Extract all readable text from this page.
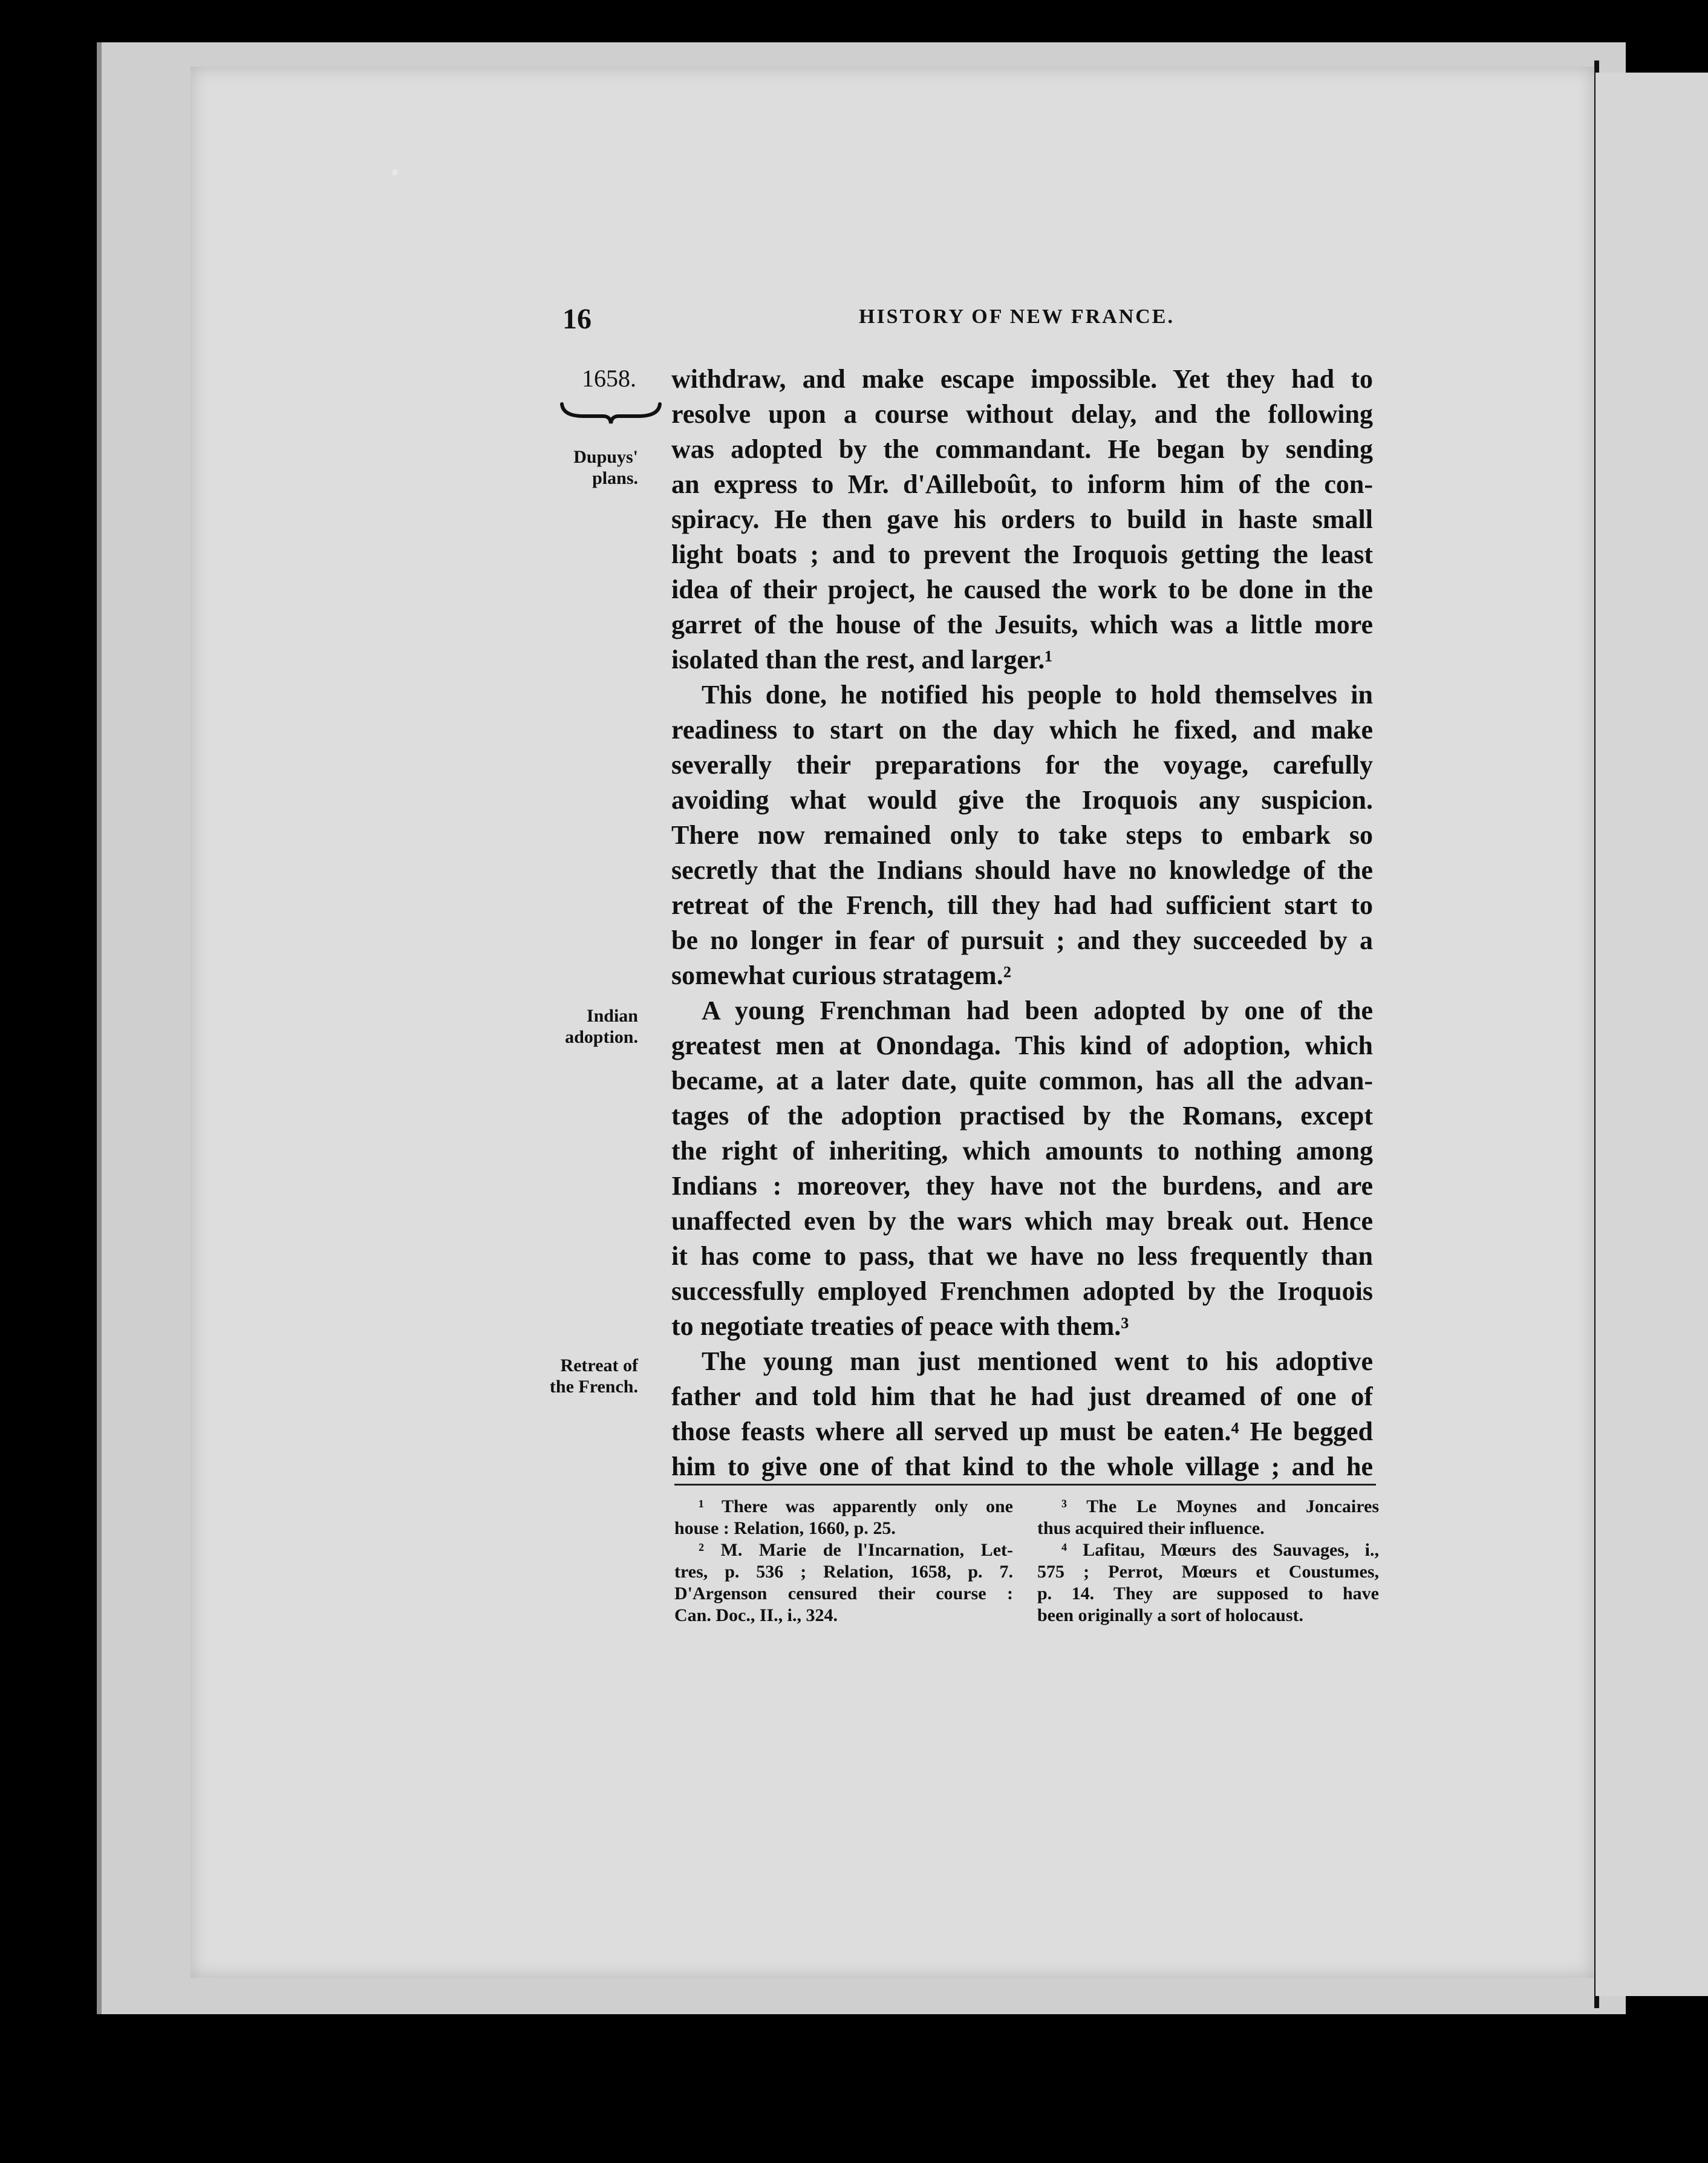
16	HISTORY OF NEW FRANCE.
1658.
Dupuys'
plans.
Indian
adoption.
Retreat of
the French.
withdraw, and make escape impossible. Yet they had to
resolve upon a course without delay, and the following
was adopted by the commandant. He began by sending
an express to Mr. d'Ailleboût, to inform him of the con-
spiracy. He then gave his orders to build in haste small
light boats ; and to prevent the Iroquois getting the least
idea of their project, he caused the work to be done in the
garret of the house of the Jesuits, which was a little more
isolated than the rest, and larger.¹
This done, he notified his people to hold themselves in
readiness to start on the day which he fixed, and make
severally their preparations for the voyage, carefully
avoiding what would give the Iroquois any suspicion.
There now remained only to take steps to embark so
secretly that the Indians should have no knowledge of the
retreat of the French, till they had had sufficient start to
be no longer in fear of pursuit ; and they succeeded by a
somewhat curious stratagem.²
A young Frenchman had been adopted by one of the
greatest men at Onondaga. This kind of adoption, which
became, at a later date, quite common, has all the advan-
tages of the adoption practised by the Romans, except
the right of inheriting, which amounts to nothing among
Indians : moreover, they have not the burdens, and are
unaffected even by the wars which may break out. Hence
it has come to pass, that we have no less frequently than
successfully employed Frenchmen adopted by the Iroquois
to negotiate treaties of peace with them.³
The young man just mentioned went to his adoptive
father and told him that he had just dreamed of one of
those feasts where all served up must be eaten.⁴ He begged
him to give one of that kind to the whole village ; and he
¹ There was apparently only one
house : Relation, 1660, p. 25.
² M. Marie de l'Incarnation, Let-
tres, p. 536 ; Relation, 1658, p. 7.
D'Argenson censured their course :
Can. Doc., II., i., 324.
³ The Le Moynes and Joncaires
thus acquired their influence.
⁴ Lafitau, Mœurs des Sauvages, i.,
575 ; Perrot, Mœurs et Coustumes,
p. 14. They are supposed to have
been originally a sort of holocaust.
